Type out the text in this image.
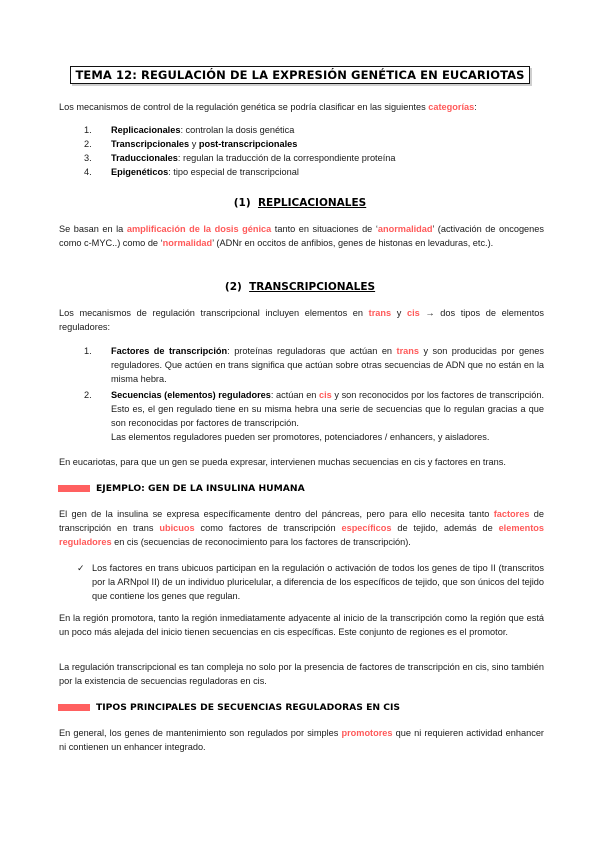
TEMA 12: REGULACIÓN DE LA EXPRESIÓN GENÉTICA EN EUCARIOTAS
Los mecanismos de control de la regulación genética se podría clasificar en las siguientes categorías:
1. Replicacionales: controlan la dosis genética
2. Transcripcionales y post-transcripcionales
3. Traduccionales: regulan la traducción de la correspondiente proteína
4. Epigenéticos: tipo especial de transcripcional
(1) REPLICACIONALES
Se basan en la amplificación de la dosis génica tanto en situaciones de ‘anormalidad’ (activación de oncogenes como c-MYC..) como de ‘normalidad’ (ADNr en occitos de anfibios, genes de histonas en levaduras, etc.).
(2) TRANSCRIPCIONALES
Los mecanismos de regulación transcripcional incluyen elementos en trans y cis → dos tipos de elementos reguladores:
1. Factores de transcripción: proteínas reguladoras que actúan en trans y son producidas por genes reguladores. Que actúen en trans significa que actúan sobre otras secuencias de ADN que no están en la misma hebra.
2. Secuencias (elementos) reguladores: actúan en cis y son reconocidos por los factores de transcripción. Esto es, el gen regulado tiene en su misma hebra una serie de secuencias que lo regulan gracias a que son reconocidas por factores de transcripción.
Las elementos reguladores pueden ser promotores, potenciadores / enhancers, y aisladores.
En eucariotas, para que un gen se pueda expresar, intervienen muchas secuencias en cis y factores en trans.
EJEMPLO: GEN DE LA INSULINA HUMANA
El gen de la insulina se expresa específicamente dentro del páncreas, pero para ello necesita tanto factores de transcripción en trans ubicuos como factores de transcripción específicos de tejido, además de elementos reguladores en cis (secuencias de reconocimiento para los factores de transcripción).
✓ Los factores en trans ubicuos participan en la regulación o activación de todos los genes de tipo II (transcritos por la ARNpol II) de un individuo pluricelular, a diferencia de los específicos de tejido, que son únicos del tejido que contiene los genes que regulan.
En la región promotora, tanto la región inmediatamente adyacente al inicio de la transcripción como la región que está un poco más alejada del inicio tienen secuencias en cis específicas. Este conjunto de regiones es el promotor.
La regulación transcripcional es tan compleja no solo por la presencia de factores de transcripción en cis, sino también por la existencia de secuencias reguladoras en cis.
TIPOS PRINCIPALES DE SECUENCIAS REGULADORAS EN CIS
En general, los genes de mantenimiento son regulados por simples promotores que ni requieren actividad enhancer ni contienen un enhancer integrado.
